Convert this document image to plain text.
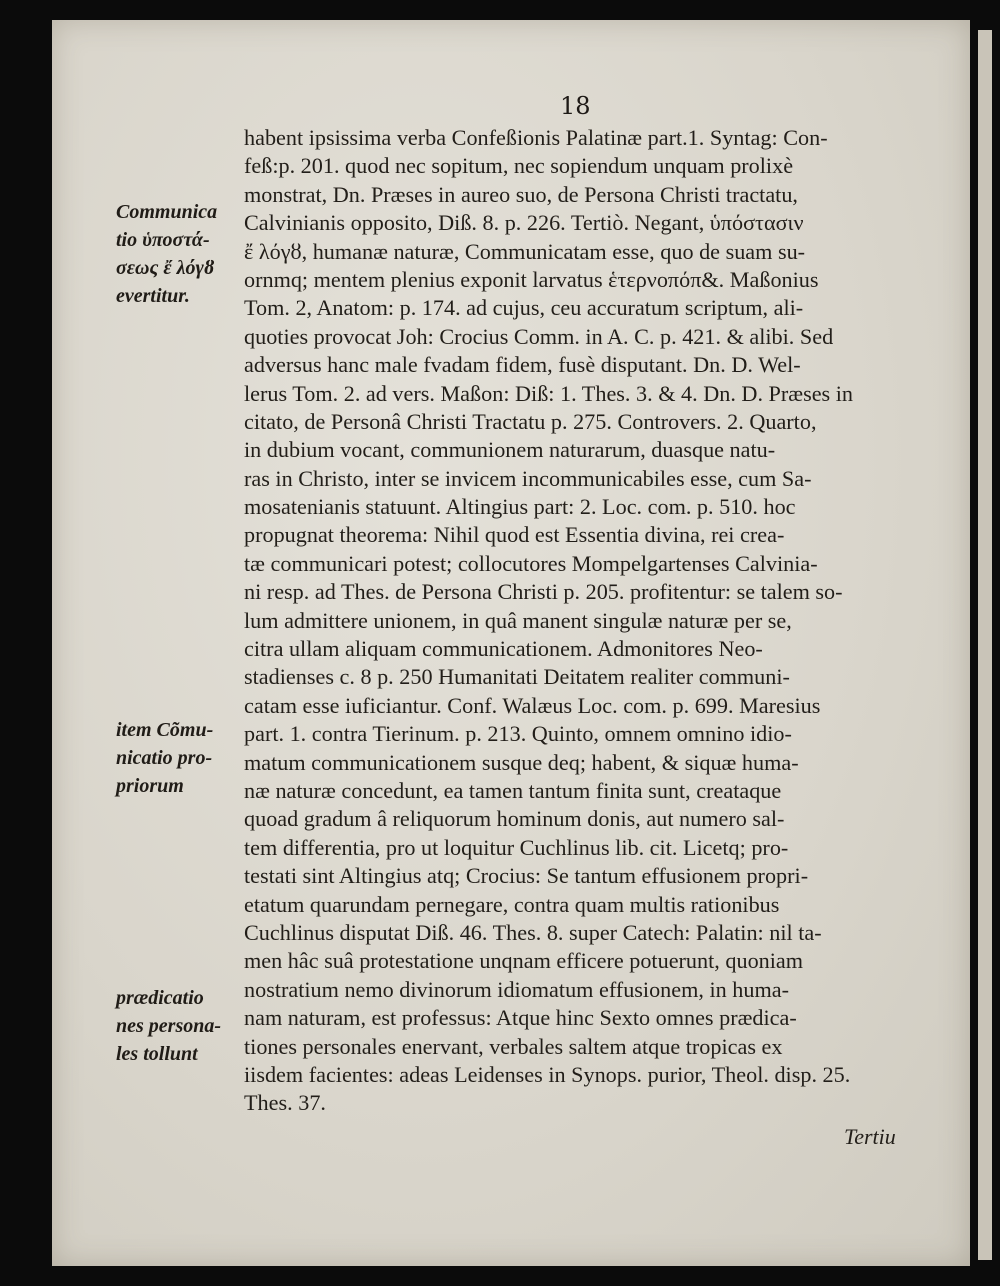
18
Communica
tio ὑποστά-
σεως ἔ λόγȣ
evertitur.
item Cõmu-
nicatio pro-
priorum
prædicatio
nes persona-
les tollunt
habent ipsissima verba Confeßionis Palatinæ part.1. Syntag: Con-
feß:p. 201. quod nec sopitum, nec sopiendum unquam prolixè
monstrat, Dn. Præses in aureo suo, de Persona Christi tractatu,
Calvinianis opposito, Diß. 8. p. 226. Tertiò. Negant, ὑπόστασιν
ἔ λόγȣ, humanæ naturæ, Communicatam esse, quo de suam su-
ornmq; mentem plenius exponit larvatus ἑτερνοπόπ&. Maßonius
Tom. 2, Anatom: p. 174. ad cujus, ceu accuratum scriptum, ali-
quoties provocat Joh: Crocius Comm. in A. C. p. 421. & alibi. Sed
adversus hanc male fvadam fidem, fusè disputant. Dn. D. Wel-
lerus Tom. 2. ad vers. Maßon: Diß: 1. Thes. 3. & 4. Dn. D. Præses in
citato, de Personâ Christi Tractatu p. 275. Controvers. 2. Quarto,
in dubium vocant, communionem naturarum, duasque natu-
ras in Christo, inter se invicem incommunicabiles esse, cum Sa-
mosatenianis statuunt. Altingius part: 2. Loc. com. p. 510. hoc
propugnat theorema: Nihil quod est Essentia divina, rei crea-
tæ communicari potest; collocutores Mompelgartenses Calvinia-
ni resp. ad Thes. de Persona Christi p. 205. profitentur: se talem so-
lum admittere unionem, in quâ manent singulæ naturæ per se,
citra ullam aliquam communicationem. Admonitores Neo-
stadienses c. 8 p. 250 Humanitati Deitatem realiter communi-
catam esse iuficiantur. Conf. Walæus Loc. com. p. 699. Maresius
part. 1. contra Tierinum. p. 213. Quinto, omnem omnino idio-
matum communicationem susque deq; habent, & siquæ huma-
næ naturæ concedunt, ea tamen tantum finita sunt, creataque
quoad gradum â reliquorum hominum donis, aut numero sal-
tem differentia, pro ut loquitur Cuchlinus lib. cit. Licetq; pro-
testati sint Altingius atq; Crocius: Se tantum effusionem propri-
etatum quarundam pernegare, contra quam multis rationibus
Cuchlinus disputat Diß. 46. Thes. 8. super Catech: Palatin: nil ta-
men hâc suâ protestatione unqnam efficere potuerunt, quoniam
nostratium nemo divinorum idiomatum effusionem, in huma-
nam naturam, est professus: Atque hinc Sexto omnes prædica-
tiones personales enervant, verbales saltem atque tropicas ex
iisdem facientes: adeas Leidenses in Synops. purior, Theol. disp. 25.
Thes. 37.
Tertiu
